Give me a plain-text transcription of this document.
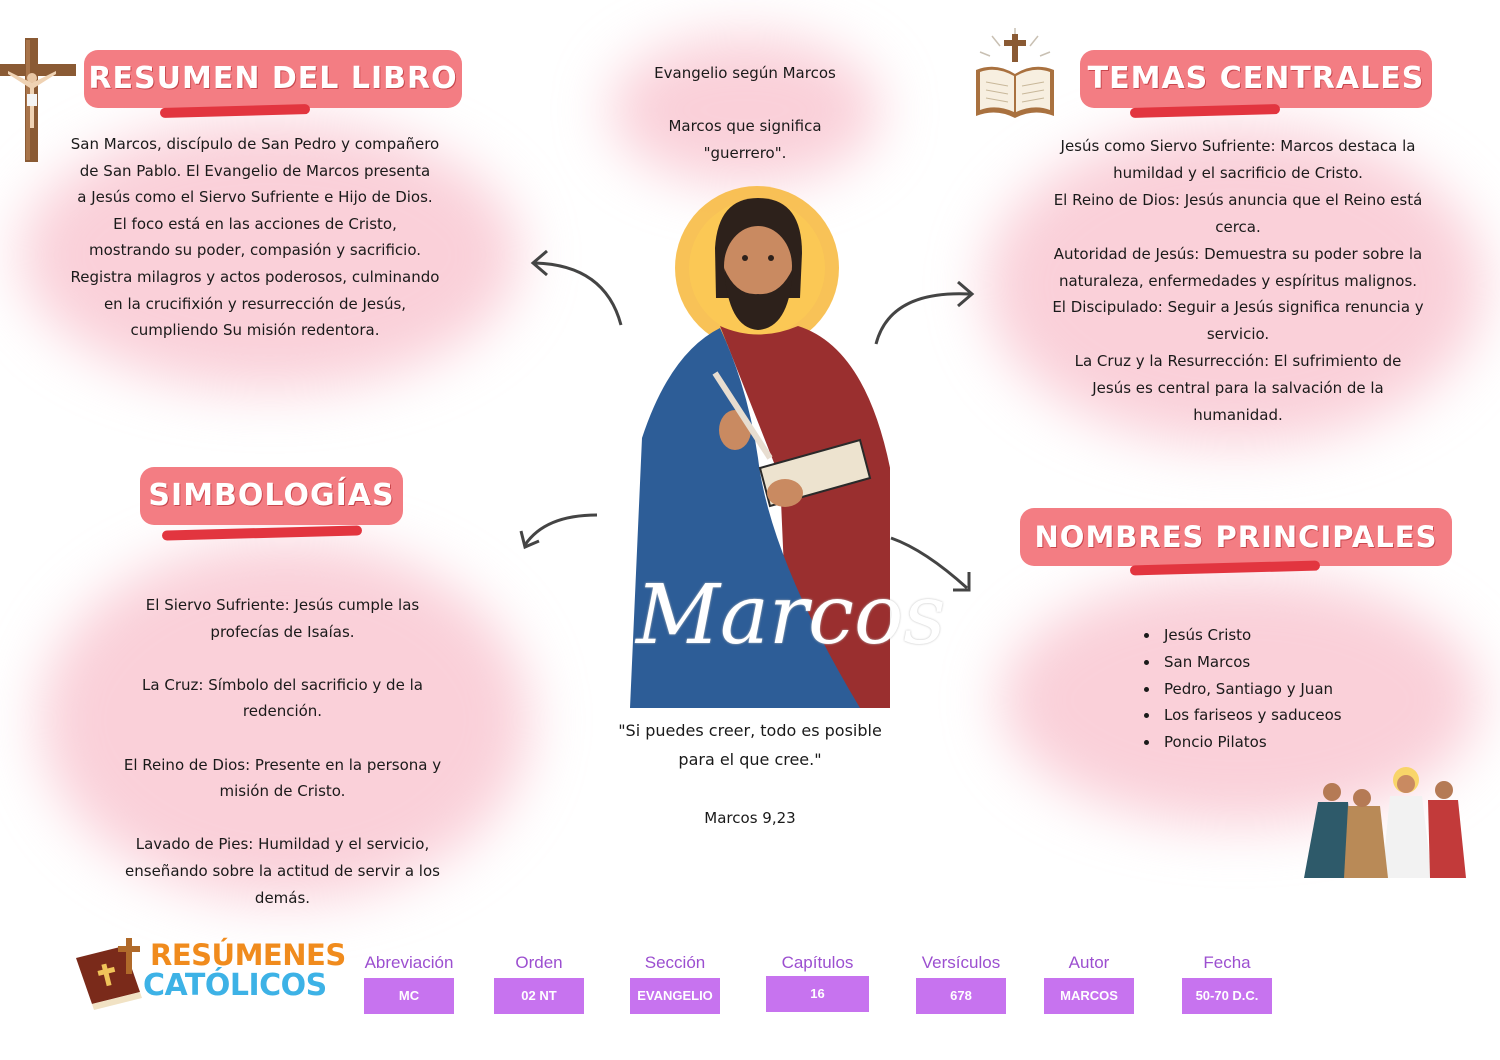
RESUMEN DEL LIBRO
San Marcos, discípulo de San Pedro y compañero
de San Pablo. El Evangelio de Marcos presenta
a Jesús como el Siervo Sufriente e Hijo de Dios.
El foco está en las acciones de Cristo,
mostrando su poder, compasión y sacrificio.
Registra milagros y actos poderosos, culminando
en la crucifixión y resurrección de Jesús,
cumpliendo Su misión redentora.
Evangelio según Marcos
Marcos que significa
"guerrero".
Marcos
"Si puedes creer, todo es posible
para el que cree."
Marcos 9,23
TEMAS CENTRALES
Jesús como Siervo Sufriente: Marcos destaca la
humildad y el sacrificio de Cristo.
El Reino de Dios: Jesús anuncia que el Reino está
cerca.
Autoridad de Jesús: Demuestra su poder sobre la
naturaleza, enfermedades y espíritus malignos.
El Discipulado: Seguir a Jesús significa renuncia y
servicio.
La Cruz y la Resurrección: El sufrimiento de
Jesús es central para la salvación de la
humanidad.
SIMBOLOGÍAS
El Siervo Sufriente: Jesús cumple las
profecías de Isaías.
La Cruz: Símbolo del sacrificio y de la
redención.
El Reino de Dios: Presente en la persona y
misión de Cristo.
Lavado de Pies: Humildad y el servicio,
enseñando sobre la actitud de servir a los
demás.
NOMBRES PRINCIPALES
• Jesús Cristo
• San Marcos
• Pedro, Santiago y Juan
• Los fariseos y saduceos
• Poncio Pilatos
RESÚMENES
CATÓLICOS
Abreviación
MC
Orden
02 NT
Sección
EVANGELIO
Capítulos
16
Versículos
678
Autor
MARCOS
Fecha
50-70 D.C.
